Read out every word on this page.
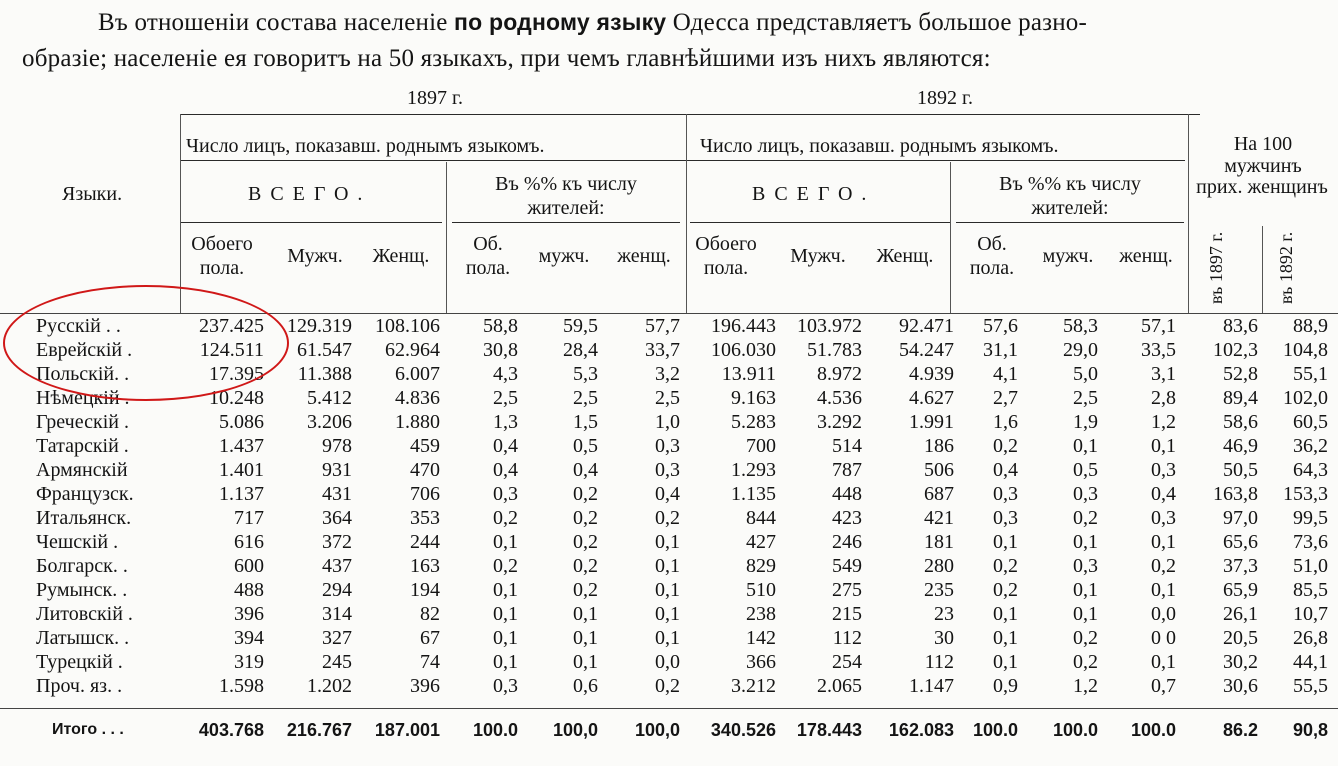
Въ отношеніи состава населеніе по родному языку Одесса представляетъ большое разно-
образіе; населеніе ея говоритъ на 50 языкахъ, при чемъ главнѣйшими изъ нихъ являются:
1897 г.	1892 г.
Число лицъ, показавш. роднымъ языкомъ.	Число лицъ, показавш. роднымъ языкомъ.
Языки.	ВСЕГО.	ВСЕГО.
Въ %% къ числу
жителей:
Въ %% къ числу
жителей:
На 100
мужчинъ
прих. женщинъ
Обоего
пола.
Мужч.	Женщ.
Об.
пола.
мужч.	женщ.
Обоего
пола.
Мужч.	Женщ.
Об.
пола.
мужч.	женщ.	въ 1897 г.	въ 1892 г.
Русскій . .	237.425	129.319	108.106	58,8	59,5	57,7	196.443	103.972	92.471	57,6	58,3	57,1	83,6	88,9
Еврейскій .	124.511	61.547	62.964	30,8	28,4	33,7	106.030	51.783	54.247	31,1	29,0	33,5	102,3	104,8
Польскій. .	17.395	11.388	6.007	4,3	5,3	3,2	13.911	8.972	4.939	4,1	5,0	3,1	52,8	55,1
Нѣмецкій .	10.248	5.412	4.836	2,5	2,5	2,5	9.163	4.536	4.627	2,7	2,5	2,8	89,4	102,0
Греческій .	5.086	3.206	1.880	1,3	1,5	1,0	5.283	3.292	1.991	1,6	1,9	1,2	58,6	60,5
Татарскій .	1.437	978	459	0,4	0,5	0,3	700	514	186	0,2	0,1	0,1	46,9	36,2
Армянскій	1.401	931	470	0,4	0,4	0,3	1.293	787	506	0,4	0,5	0,3	50,5	64,3
Французск.	1.137	431	706	0,3	0,2	0,4	1.135	448	687	0,3	0,3	0,4	163,8	153,3
Итальянск.	717	364	353	0,2	0,2	0,2	844	423	421	0,3	0,2	0,3	97,0	99,5
Чешскій .	616	372	244	0,1	0,2	0,1	427	246	181	0,1	0,1	0,1	65,6	73,6
Болгарск. .	600	437	163	0,2	0,2	0,1	829	549	280	0,2	0,3	0,2	37,3	51,0
Румынск. .	488	294	194	0,1	0,2	0,1	510	275	235	0,2	0,1	0,1	65,9	85,5
Литовскій .	396	314	82	0,1	0,1	0,1	238	215	23	0,1	0,1	0,0	26,1	10,7
Латышск. .	394	327	67	0,1	0,1	0,1	142	112	30	0,1	0,2	0 0	20,5	26,8
Турецкій .	319	245	74	0,1	0,1	0,0	366	254	112	0,1	0,2	0,1	30,2	44,1
Проч. яз. .	1.598	1.202	396	0,3	0,6	0,2	3.212	2.065	1.147	0,9	1,2	0,7	30,6	55,5
Итого . . .	403.768	216.767	187.001	100.0	100,0	100,0	340.526	178.443	162.083	100.0	100.0	100.0	86.2	90,8
